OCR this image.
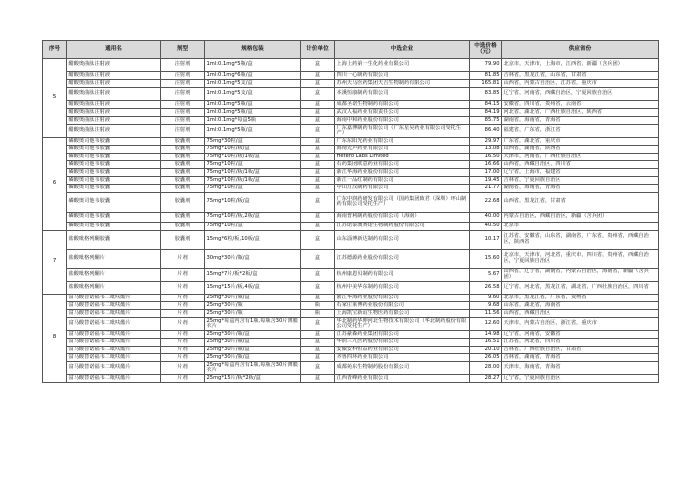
序号	通用名	剂型	规格包装	计价单位	中选企业	中选价格（元）	供应省份
5	醋酸奥曲肽注射液	注射剂	1ml:0.1mg*5瓶/盒	盒	上海上药第一生化药业有限公司	79.90	北京市，天津市，上海市，江西省，新疆（含兵团）
	醋酸奥曲肽注射液	注射剂	1ml:0.1mg*6瓶/盒	盒	四川一心制药有限公司	81.85	吉林省，黑龙江省，山东省，甘肃省
	醋酸奥曲肽注射液	注射剂	1ml:0.1mg*5支/盒	盒	苏州天马医药集团天吉生物制药有限公司	165.81	山西省，内蒙古自治区，江苏省，重庆市
	醋酸奥曲肽注射液	注射剂	1ml:0.1mg*5支/盒	盒	本溪恒康制药有限公司	83.85	辽宁省，河南省，西藏自治区，宁夏回族自治区
	醋酸奥曲肽注射液	注射剂	1ml:0.1mg*5瓶/盒	盒	成都圣诺生物制药有限公司	84.15	安徽省，四川省，贵州省，云南省
	醋酸奥曲肽注射液	注射剂	1ml:0.1mg*5瓶/盒	盒	武汉人福药业有限责任公司	84.19	河北省，湖北省，广西壮族自治区，陕西省
	醋酸奥曲肽注射液	注射剂	1ml:0.1mg*每盒5瓶	盒	海南中和药业股份有限公司	85.75	湖南省，海南省，青海省
	醋酸奥曲肽注射液	注射剂	1ml:0.1mg*5瓶/盒	盒	广东嘉博制药有限公司（广东星昊药业有限公司受托生产）	86.40	福建省，广东省，浙江省
6	磷酸奥司他韦胶囊	胶囊剂	75mg*30粒/盒	盒	广东东阳光药业有限公司	29.97	广东省，湖北省，重庆市
	磷酸奥司他韦胶囊	胶囊剂	75mg*10粒/板/盒	盒	海南先声药业有限公司	13.08	山西省，湖南省，陕西省
	磷酸奥司他韦胶囊	胶囊剂	75mg*10粒/板/1板/盒	盒	Hetero Labs Limited	16.50	天津市，河南省，广西壮族自治区
	磷酸奥司他韦胶囊	胶囊剂	75mg*10粒/盒	盒	石药集团欧意药业有限公司	16.66	山西省，西藏自治区，四川省
	磷酸奥司他韦胶囊	胶囊剂	75mg*10粒/板/1板/盒	盒	浙江华海药业股份有限公司	17.00	辽宁省，上海市，福建省
	磷酸奥司他韦胶囊	胶囊剂	75mg*10粒/板/1板/盒	盒	浙江一品红制药有限公司	19.45	吉林省，宁夏回族自治区
	磷酸奥司他韦胶囊	胶囊剂	75mg*10粒/盒	盒	中山万汉制药有限公司	21.77	湖南省，海南省，青海省
	磷酸奥司他韦胶囊	胶囊剂	75mg*10粒/板/盒	盒	广东中润药研发有限公司（国药集团致君（深圳）坪山制药有限公司受托生产）	22.68	山西省，黑龙江省，甘肃省
	磷酸奥司他韦胶囊	胶囊剂	75mg*10粒/板,2板/盒	盒	海南普利制药股份有限公司（海南）	40.00	内蒙古自治区，西藏自治区，新疆（含兵团）
	磷酸奥司他韦胶囊	胶囊剂	75mg*10粒/盒	盒	江苏诺泰澳赛诺生物制药股份有限公司	40.50	北京市
7	盐酸吡格列酮胶囊	胶囊剂	15mg*6粒/板,10板/盒	盒	山东淄博新达制药有限公司	10.17	江苏省，安徽省，山东省，湖南省，广东省，贵州省，西藏自治区，陕西省
	盐酸吡格列酮片	片剂	30mg*30片/瓶/盒	盒	江苏德源药业股份有限公司	15.60	北京市，天津市，河北省，重庆市，四川省，贵州省，西藏自治区，宁夏回族自治区
	盐酸吡格列酮片	片剂	15mg*7片/板*2板/盒	盒	杭州康恩贝制药有限公司	5.67	山西省，辽宁省，湖南省，内蒙古自治区，海南省，新疆（含兵团）
	盐酸吡格列酮片	片剂	15mg*15片/板,4板/盒	盒	杭州中美华东制药有限公司	26.58	辽宁省，河北省，黑龙江省，湖北省，广西壮族自治区，四川省
8	富马酸替诺福韦二吡呋酯片	片剂	25mg*30片/瓶/盒	盒	浙江华海药业股份有限公司	9.60	北京市，黑龙江省，广东省，贵州省
	富马酸替诺福韦二吡呋酯片	片剂	25mg*30片/瓶	瓶	石家庄莱博药业股份有限公司	9.68	山东省，湖北省，海南省
	富马酸替诺福韦二吡呋酯片	片剂	25mg*30片/瓶	瓶	上海凯宝新谊生物医药有限公司	11.56	山西省，西藏自治区
	富马酸替诺福韦二吡呋酯片	片剂	25mg*每盒内含有1瓶,每瓶含30片薄膜衣片	盒	华北制药华坤河北生物技术有限公司（华北制药股份有限公司受托生产）	12.60	天津市，内蒙古自治区，浙江省，重庆市
	富马酸替诺福韦二吡呋酯片	片剂	25mg*30片/瓶/盒	盒	江苏豪森药业集团有限公司	14.98	辽宁省，河南省，安徽省
	富马酸替诺福韦二吡呋酯片	片剂	25mg*30片/瓶/盒	盒	华润三九医药股份有限公司	16.51	江苏省，河北省，四川省
	富马酸替诺福韦二吡呋酯片	片剂	25mg*30片/瓶/盒	盒	安徽安科恒益药业有限公司	20.10	吉林省，广西壮族自治区，甘肃省
	富马酸替诺福韦二吡呋酯片	片剂	25mg*30片/瓶/盒	盒	齐鲁四环药业有限公司	26.05	吉林省，湖南省，青海省
	富马酸替诺福韦二吡呋酯片	片剂	25mg*每盒内含有1瓶,每瓶含30片薄膜衣片	盒	成都苑东生物制药股份有限公司	28.00	天津市，海南省，青海省
	富马酸替诺福韦二吡呋酯片	片剂	25mg*15片/板*2板/盒	盒	江西青峰药业有限公司	28.27	辽宁省，宁夏回族自治区
